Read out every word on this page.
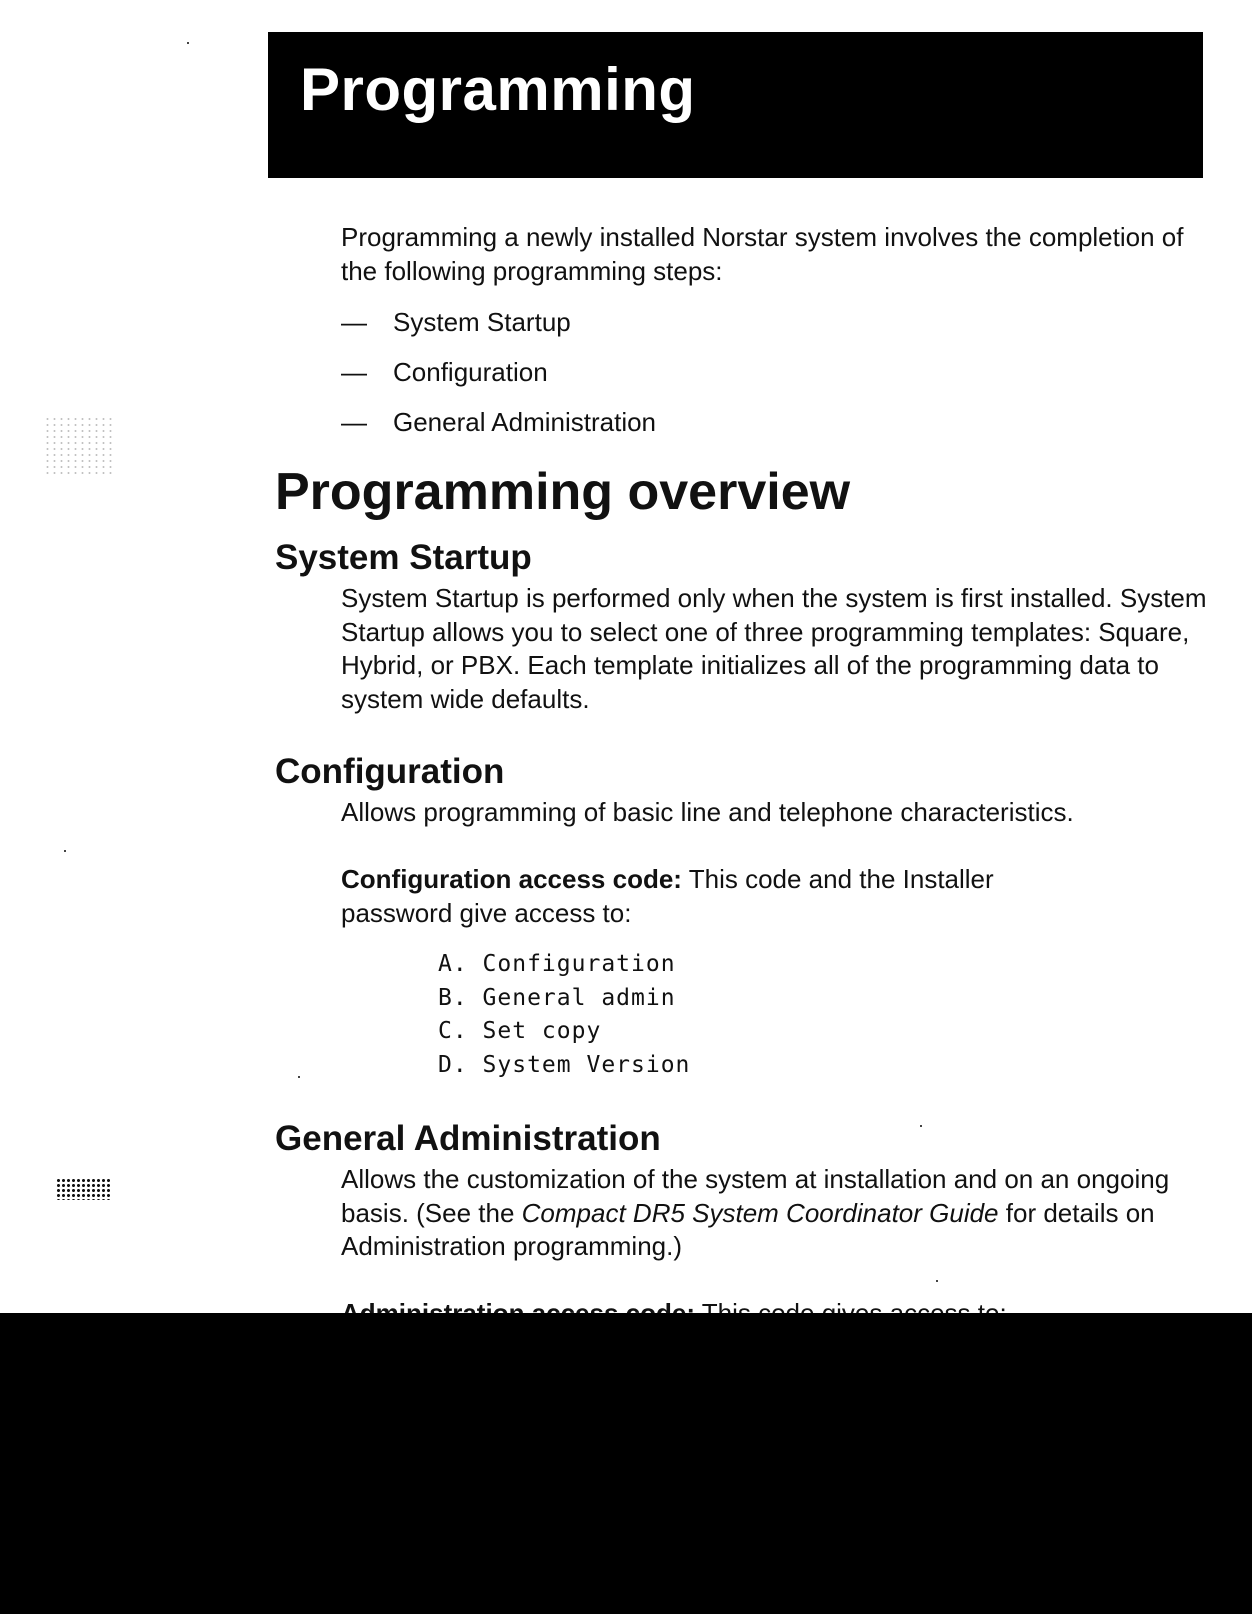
Programming
Programming a newly installed Norstar system involves the completion of the following programming steps:
— System Startup
— Configuration
— General Administration
Programming overview
System Startup
System Startup is performed only when the system is first installed. System Startup allows you to select one of three programming templates: Square, Hybrid, or PBX. Each template initializes all of the programming data to system wide defaults.
Configuration
Allows programming of basic line and telephone characteristics.
Configuration access code: This code and the Installer password give access to:
A. Configuration
B. General admin
C. Set copy
D. System Version
General Administration
Allows the customization of the system at installation and on an ongoing basis. (See the Compact DR5 System Coordinator Guide for details on Administration programming.)
